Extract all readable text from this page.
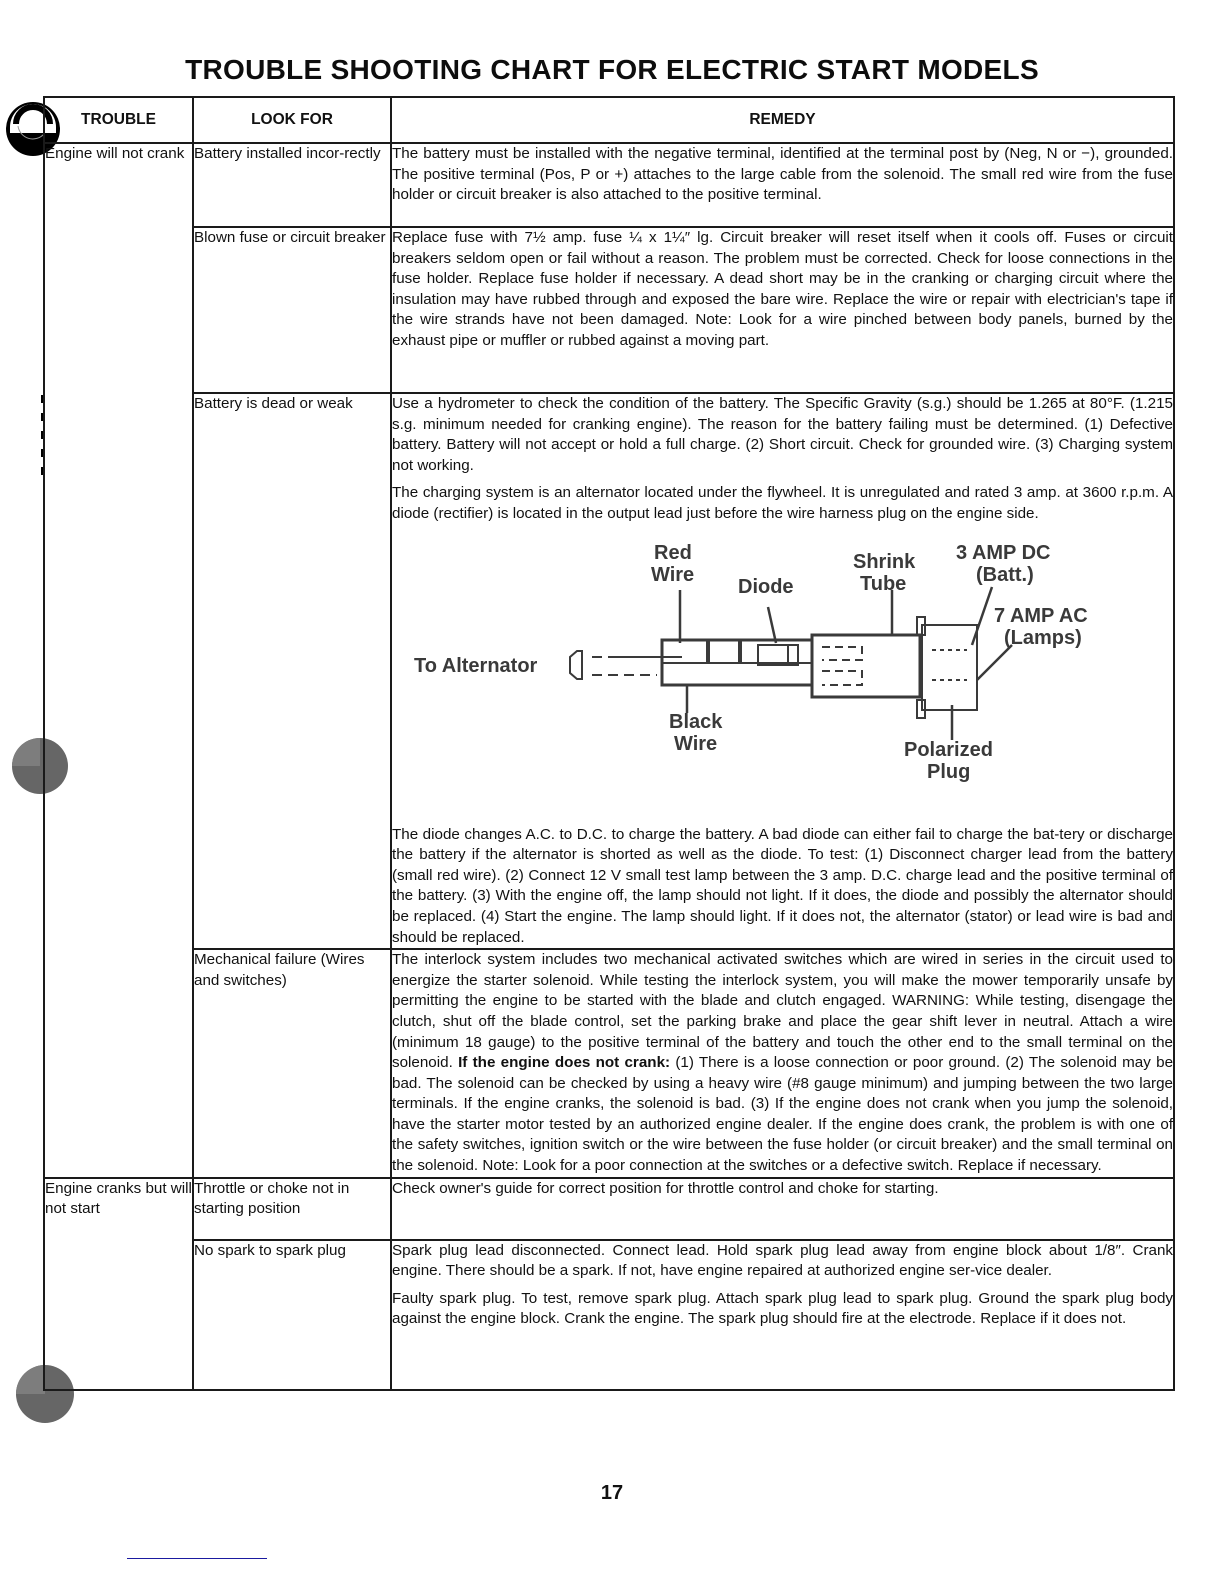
TROUBLE SHOOTING CHART FOR ELECTRIC START MODELS
TROUBLE	LOOK FOR	REMEDY
Engine will not crank	Battery installed incor-rectly	The battery must be installed with the negative terminal, identified at the terminal post by (Neg, N or −), grounded. The positive terminal (Pos, P or +) attaches to the large cable from the solenoid. The small red wire from the fuse holder or circuit breaker is also attached to the positive terminal.

	Blown fuse or circuit breaker	Replace fuse with 7½ amp. fuse ¼ x 1¼″ lg. Circuit breaker will reset itself when it cools off. Fuses or circuit breakers seldom open or fail without a reason. The problem must be corrected. Check for loose connections in the fuse holder. Replace fuse holder if necessary. A dead short may be in the cranking or charging circuit where the insulation may have rubbed through and exposed the bare wire. Replace the wire or repair with electrician's tape if the wire strands have not been damaged. Note: Look for a wire pinched between body panels, burned by the exhaust pipe or muffler or rubbed against a moving part.

Battery is dead or weak	Use a hydrometer to check the condition of the battery. The Specific Gravity (s.g.) should be 1.265 at 80°F. (1.215 s.g. minimum needed for cranking engine). The reason for the battery failing must be determined. (1) Defective battery. Battery will not accept or hold a full charge. (2) Short circuit. Check for grounded wire. (3) Charging system not working.

The charging system is an alternator located under the flywheel. It is unregulated and rated 3 amp. at 3600 r.p.m. A diode (rectifier) is located in the output lead just before the wire harness plug on the engine side.

To Alternator
Red
Wire
Diode
Shrink
Tube
3 AMP DC
(Batt.)
7 AMP AC
(Lamps)
Black
Wire	Polarized
Plug

The diode changes A.C. to D.C. to charge the battery. A bad diode can either fail to charge the bat-tery or discharge the battery if the alternator is shorted as well as the diode. To test: (1) Disconnect charger lead from the battery (small red wire). (2) Connect 12 V small test lamp between the 3 amp. D.C. charge lead and the positive terminal of the battery. (3) With the engine off, the lamp should not light. If it does, the diode and possibly the alternator should be replaced. (4) Start the engine. The lamp should light. If it does not, the alternator (stator) or lead wire is bad and should be replaced.

	Mechanical failure (Wires and switches)	The interlock system includes two mechanical activated switches which are wired in series in the circuit used to energize the starter solenoid. While testing the interlock system, you will make the mower temporarily unsafe by permitting the engine to be started with the blade and clutch engaged. WARNING: While testing, disengage the clutch, shut off the blade control, set the parking brake and place the gear shift lever in neutral. Attach a wire (minimum 18 gauge) to the positive terminal of the battery and touch the other end to the small terminal on the solenoid. If the engine does not crank: (1) There is a loose connection or poor ground. (2) The solenoid may be bad. The solenoid can be checked by using a heavy wire (#8 gauge minimum) and jumping between the two large terminals. If the engine cranks, the solenoid is bad. (3) If the engine does not crank when you jump the solenoid, have the starter motor tested by an authorized engine dealer. If the engine does crank, the problem is with one of the safety switches, ignition switch or the wire between the fuse holder (or circuit breaker) and the small terminal on the solenoid. Note: Look for a poor connection at the switches or a defective switch. Replace if necessary.

Engine cranks but will not start	Throttle or choke not in starting position	Check owner's guide for correct position for throttle control and choke for starting.

	No spark to spark plug	Spark plug lead disconnected. Connect lead. Hold spark plug lead away from engine block about 1/8″. Crank engine. There should be a spark. If not, have engine repaired at authorized engine ser-vice dealer.

Faulty spark plug. To test, remove spark plug. Attach spark plug lead to spark plug. Ground the spark plug body against the engine block. Crank the engine. The spark plug should fire at the electrode. Replace if it does not.

17
